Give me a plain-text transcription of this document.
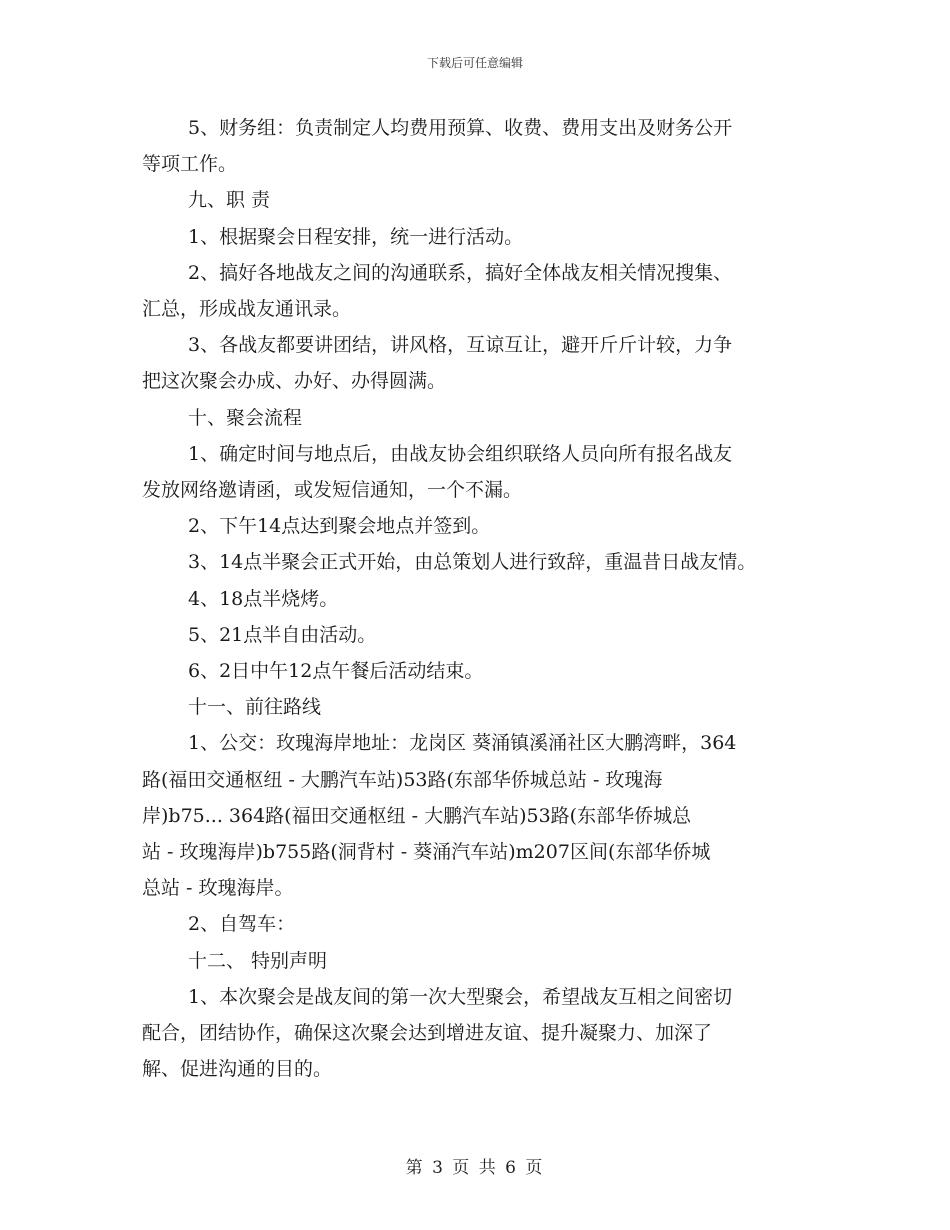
下载后可任意编辑

5、财务组：负责制定人均费用预算、收费、费用支出及财务公开

等项工作。

九、职 责

1、根据聚会日程安排，统一进行活动。

2、搞好各地战友之间的沟通联系，搞好全体战友相关情况搜集、

汇总，形成战友通讯录。

3、各战友都要讲团结，讲风格，互谅互让，避开斤斤计较，力争

把这次聚会办成、办好、办得圆满。

十、聚会流程

1、确定时间与地点后，由战友协会组织联络人员向所有报名战友

发放网络邀请函，或发短信通知，一个不漏。

2、下午14点达到聚会地点并签到。

3、14点半聚会正式开始，由总策划人进行致辞，重温昔日战友情。

4、18点半烧烤。

5、21点半自由活动。

6、2日中午12点午餐后活动结束。

十一、前往路线

1、公交：玫瑰海岸地址：龙岗区 葵涌镇溪涌社区大鹏湾畔，364

路(福田交通枢纽 - 大鹏汽车站)53路(东部华侨城总站 - 玫瑰海

岸)b75... 364路(福田交通枢纽 - 大鹏汽车站)53路(东部华侨城总

站 - 玫瑰海岸)b755路(洞背村 - 葵涌汽车站)m207区间(东部华侨城

总站 - 玫瑰海岸。

2、自驾车：

十二、 特别声明

1、本次聚会是战友间的第一次大型聚会，希望战友互相之间密切

配合，团结协作，确保这次聚会达到增进友谊、提升凝聚力、加深了

解、促进沟通的目的。

第 3 页 共 6 页
